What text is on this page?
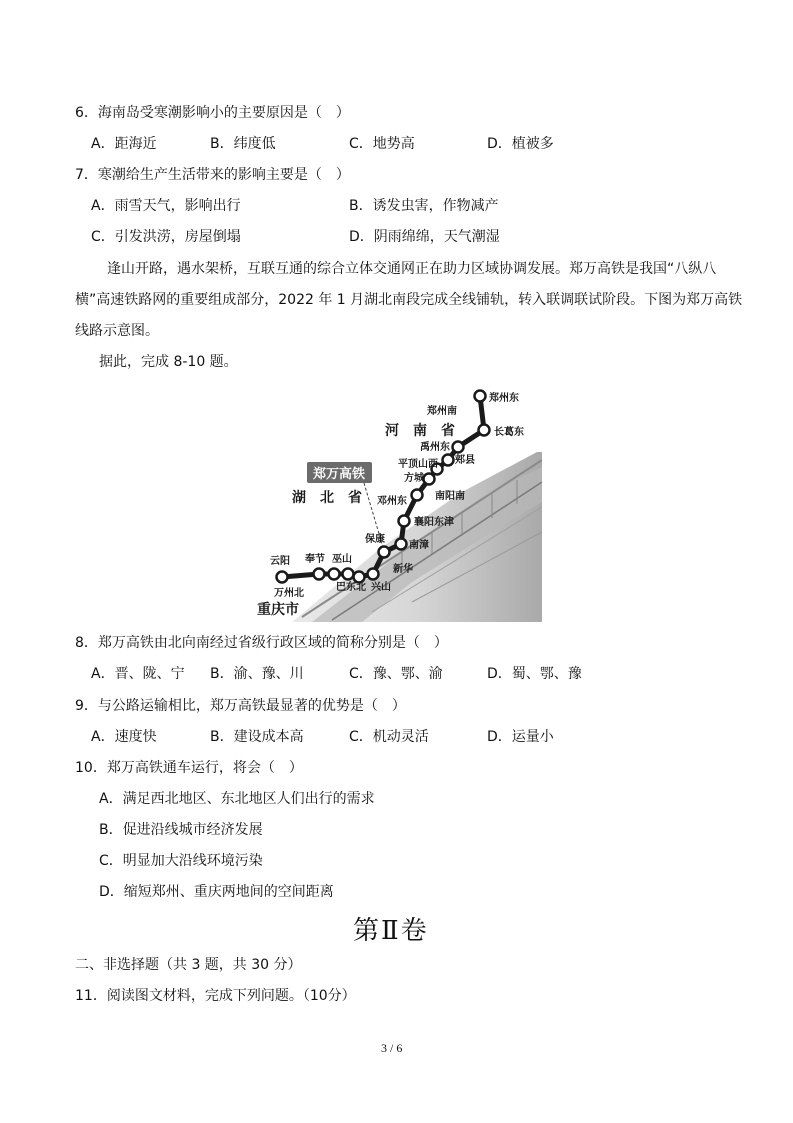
6．海南岛受寒潮影响小的主要原因是（　）
A．距海近	B．纬度低	C．地势高	D．植被多
7．寒潮给生产生活带来的影响主要是（　）
A．雨雪天气，影响出行	B．诱发虫害，作物减产
C．引发洪涝，房屋倒塌	D．阴雨绵绵，天气潮湿
逢山开路，遇水架桥，互联互通的综合立体交通网正在助力区域协调发展。郑万高铁是我国“八纵八
横”高速铁路网的重要组成部分，2022 年 1 月湖北南段完成全线铺轨，转入联调联试阶段。下图为郑万高铁
线路示意图。
据此，完成 8-10 题。
郑万高铁
河　南　省
湖　北　省
重庆市
郑州东
郑州南
长葛东
禹州东
郏县
平顶山西
方城
南阳南
邓州东
襄阳东津
南漳
保康
新华
兴山
巴东北
巫山
奉节
云阳
万州北
8．郑万高铁由北向南经过省级行政区域的简称分别是（　）
A．晋、陇、宁 B．渝、豫、川	C．豫、鄂、渝	D．蜀、鄂、豫
9．与公路运输相比，郑万高铁最显著的优势是（　）
A．速度快	B．建设成本高	C．机动灵活	D．运量小
10．郑万高铁通车运行，将会（　）
A．满足西北地区、东北地区人们出行的需求
B．促进沿线城市经济发展
C．明显加大沿线环境污染
D．缩短郑州、重庆两地间的空间距离
第Ⅱ卷
二、非选择题（共 3 题，共 30 分）
11．阅读图文材料，完成下列问题。（10分）
3 / 6
